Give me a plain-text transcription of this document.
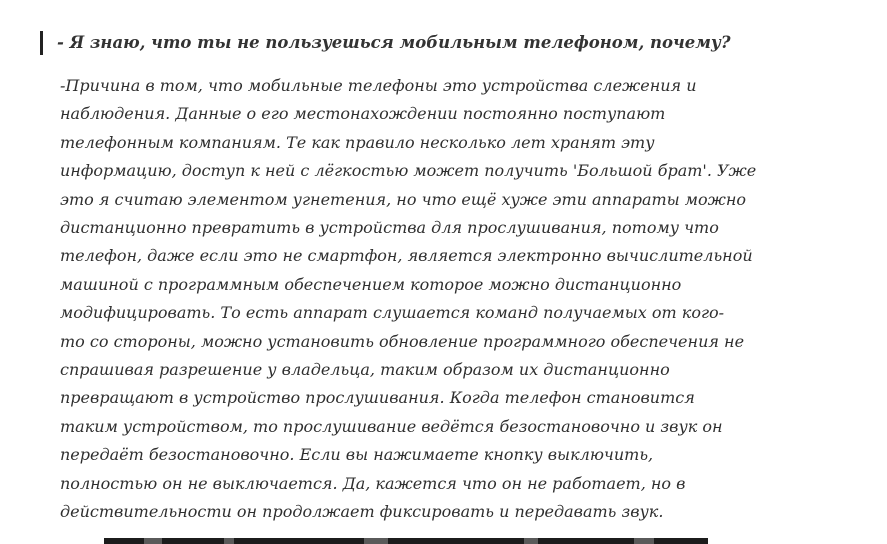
- Я знаю, что ты не пользуешься мобильным телефоном, почему?
-Причина в том, что мобильные телефоны это устройства слежения и
наблюдения. Данные о его местонахождении постоянно поступают
телефонным компаниям. Те как правило несколько лет хранят эту
информацию, доступ к ней с лёгкостью может получить 'Большой брат'. Уже
это я считаю элементом угнетения, но что ещё хуже эти аппараты можно
дистанционно превратить в устройства для прослушивания, потому что
телефон, даже если это не смартфон, является электронно вычислительной
машиной с программным обеспечением которое можно дистанционно
модифицировать. То есть аппарат слушается команд получаемых от кого-
то со стороны, можно установить обновление программного обеспечения не
спрашивая разрешение у владельца, таким образом их дистанционно
превращают в устройство прослушивания. Когда телефон становится
таким устройством, то прослушивание ведётся безостановочно и звук он
передаёт безостановочно. Если вы нажимаете кнопку выключить,
полностью он не выключается. Да, кажется что он не работает, но в
действительности он продолжает фиксировать и передавать звук.
